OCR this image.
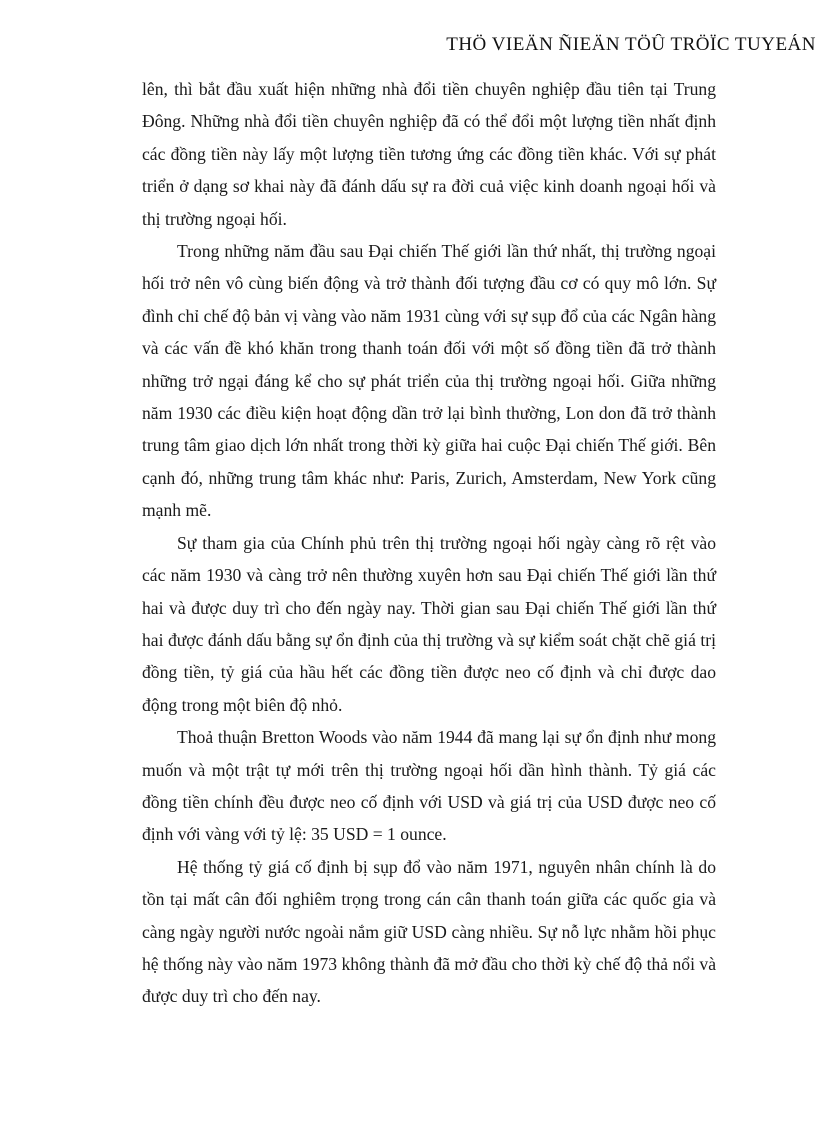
THÖ VIEÄN ÑIEÄN TÖÛ TRÖÏC TUYEÁN

lên, thì bắt đầu xuất hiện những nhà đổi tiền chuyên nghiệp đầu tiên tại Trung Đông. Những nhà đổi tiền chuyên nghiệp đã có thể đổi một lượng tiền nhất định các đồng tiền này lấy một lượng tiền tương ứng các đồng tiền khác. Với sự phát triển ở dạng sơ khai này đã đánh dấu sự ra đời cuả việc kinh doanh ngoại hối và thị trường ngoại hối.

Trong những năm đầu sau Đại chiến Thế giới lần thứ nhất, thị trường ngoại hối trở nên vô cùng biến động và trở thành đối tượng đầu cơ có quy mô lớn. Sự đình chỉ chế độ bản vị vàng vào năm 1931 cùng với sự sụp đổ của các Ngân hàng và các vấn đề khó khăn trong thanh toán đối với một số đồng tiền đã trở thành những trở ngại đáng kể cho sự phát triển của thị trường ngoại hối. Giữa những năm 1930 các điều kiện hoạt động dần trở lại bình thường, Lon don đã trở thành trung tâm giao dịch lớn nhất trong thời kỳ giữa hai cuộc Đại chiến Thế giới. Bên cạnh đó, những trung tâm khác như: Paris, Zurich, Amsterdam, New York cũng mạnh mẽ.

Sự tham gia của Chính phủ trên thị trường ngoại hối ngày càng rõ rệt vào các năm 1930 và càng trở nên thường xuyên hơn sau Đại chiến Thế giới lần thứ hai và được duy trì cho đến ngày nay. Thời gian sau Đại chiến Thế giới lần thứ hai được đánh dấu bằng sự ổn định của thị trường và sự kiểm soát chặt chẽ giá trị đồng tiền, tỷ giá của hầu hết các đồng tiền được neo cố định và chỉ được dao động trong một biên độ nhỏ.

Thoả thuận Bretton Woods vào năm 1944 đã mang lại sự ổn định như mong muốn và một trật tự mới trên thị trường ngoại hối dần hình thành. Tỷ giá các đồng tiền chính đều được neo cố định với USD và giá trị của USD được neo cố định với vàng với tỷ lệ: 35 USD = 1 ounce.

Hệ thống tỷ giá cố định bị sụp đổ vào năm 1971, nguyên nhân chính là do tồn tại mất cân đối nghiêm trọng trong cán cân thanh toán giữa các quốc gia và càng ngày người nước ngoài nắm giữ USD càng nhiều. Sự nỗ lực nhằm hồi phục hệ thống này vào năm 1973 không thành đã mở đầu cho thời kỳ chế độ thả nổi và được duy trì cho đến nay.
